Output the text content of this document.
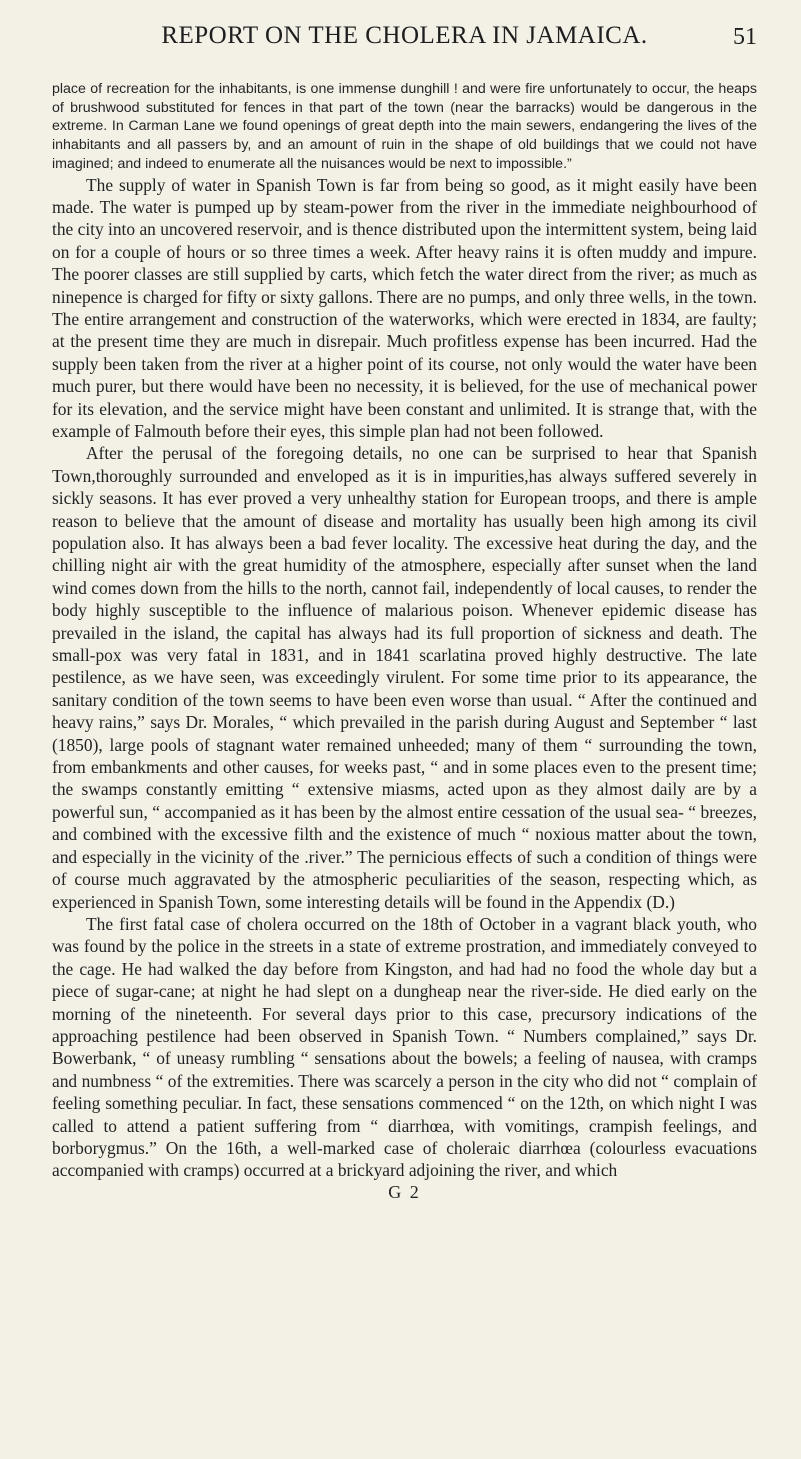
REPORT ON THE CHOLERA IN JAMAICA.	51

place of recreation for the inhabitants, is one immense dunghill ! and were fire unfortunately to occur, the heaps of brushwood substituted for fences in that part of the town (near the barracks) would be dangerous in the extreme. In Carman Lane we found openings of great depth into the main sewers, endangering the lives of the inhabitants and all passers by, and an amount of ruin in the shape of old buildings that we could not have imagined; and indeed to enumerate all the nuisances would be next to impossible.”

The supply of water in Spanish Town is far from being so good, as it might easily have been made. The water is pumped up by steam-power from the river in the immediate neighbourhood of the city into an uncovered reservoir, and is thence distributed upon the intermittent system, being laid on for a couple of hours or so three times a week. After heavy rains it is often muddy and impure. The poorer classes are still supplied by carts, which fetch the water direct from the river; as much as ninepence is charged for fifty or sixty gallons. There are no pumps, and only three wells, in the town. The entire arrangement and construction of the waterworks, which were erected in 1834, are faulty; at the present time they are much in disrepair. Much profitless expense has been incurred. Had the supply been taken from the river at a higher point of its course, not only would the water have been much purer, but there would have been no necessity, it is believed, for the use of mechanical power for its elevation, and the service might have been constant and unlimited. It is strange that, with the example of Falmouth before their eyes, this simple plan had not been followed.

After the perusal of the foregoing details, no one can be surprised to hear that Spanish Town,thoroughly surrounded and enveloped as it is in impurities,has always suffered severely in sickly seasons. It has ever proved a very unhealthy station for European troops, and there is ample reason to believe that the amount of disease and mortality has usually been high among its civil population also. It has always been a bad fever locality. The excessive heat during the day, and the chilling night air with the great humidity of the atmosphere, especially after sunset when the land wind comes down from the hills to the north, cannot fail, independently of local causes, to render the body highly susceptible to the influence of malarious poison. Whenever epidemic disease has prevailed in the island, the capital has always had its full proportion of sickness and death. The small-pox was very fatal in 1831, and in 1841 scarlatina proved highly destructive. The late pestilence, as we have seen, was exceedingly virulent. For some time prior to its appearance, the sanitary condition of the town seems to have been even worse than usual. “ After the continued and heavy rains,” says Dr. Morales, “ which prevailed in the parish during August and September “ last (1850), large pools of stagnant water remained unheeded; many of them “ surrounding the town, from embankments and other causes, for weeks past, “ and in some places even to the present time; the swamps constantly emitting “ extensive miasms, acted upon as they almost daily are by a powerful sun, “ accompanied as it has been by the almost entire cessation of the usual sea- “ breezes, and combined with the excessive filth and the existence of much “ noxious matter about the town, and especially in the vicinity of the .river.” The pernicious effects of such a condition of things were of course much aggravated by the atmospheric peculiarities of the season, respecting which, as experienced in Spanish Town, some interesting details will be found in the Appendix (D.)

The first fatal case of cholera occurred on the 18th of October in a vagrant black youth, who was found by the police in the streets in a state of extreme prostration, and immediately conveyed to the cage. He had walked the day before from Kingston, and had had no food the whole day but a piece of sugar-cane; at night he had slept on a dungheap near the river-side. He died early on the morning of the nineteenth. For several days prior to this case, precursory indications of the approaching pestilence had been observed in Spanish Town. “ Numbers complained,” says Dr. Bowerbank, “ of uneasy rumbling “ sensations about the bowels; a feeling of nausea, with cramps and numbness “ of the extremities. There was scarcely a person in the city who did not “ complain of feeling something peculiar. In fact, these sensations commenced “ on the 12th, on which night I was called to attend a patient suffering from “ diarrhœa, with vomitings, crampish feelings, and borborygmus.” On the 16th, a well-marked case of choleraic diarrhœa (colourless evacuations accompanied with cramps) occurred at a brickyard adjoining the river, and which

G 2
